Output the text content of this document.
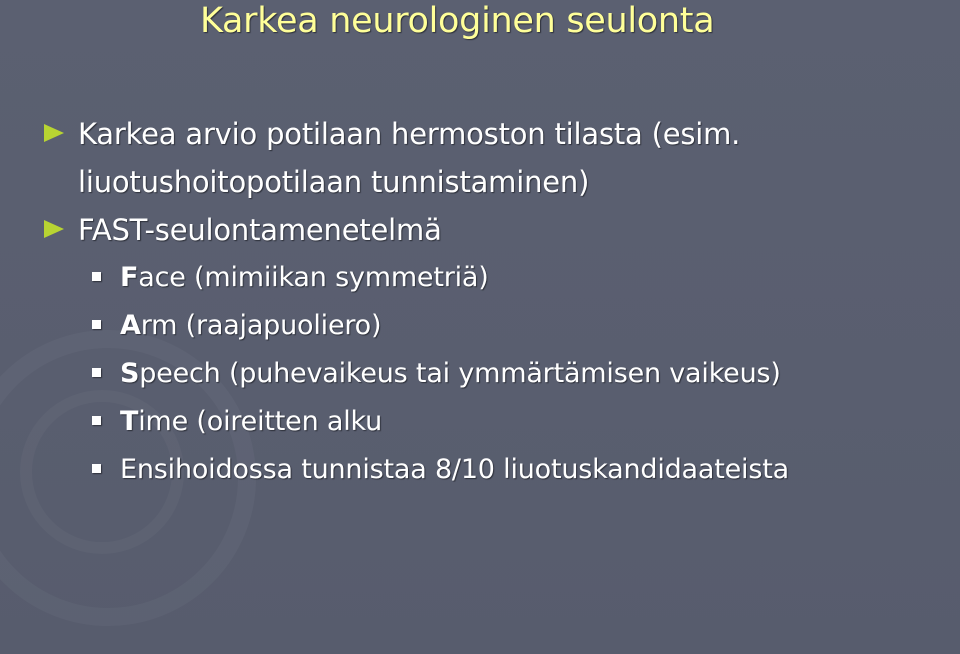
Karkea neurologinen seulonta
Karkea arvio potilaan hermoston tilasta (esim. liuotushoitopotilaan tunnistaminen)
FAST-seulontamenetelmä
Face (mimiikan symmetriä)
Arm (raajapuoliero)
Speech (puhevaikeus tai ymmärtämisen vaikeus)
Time (oireitten alku
Ensihoidossa tunnistaa 8/10 liuotuskandidaateista
